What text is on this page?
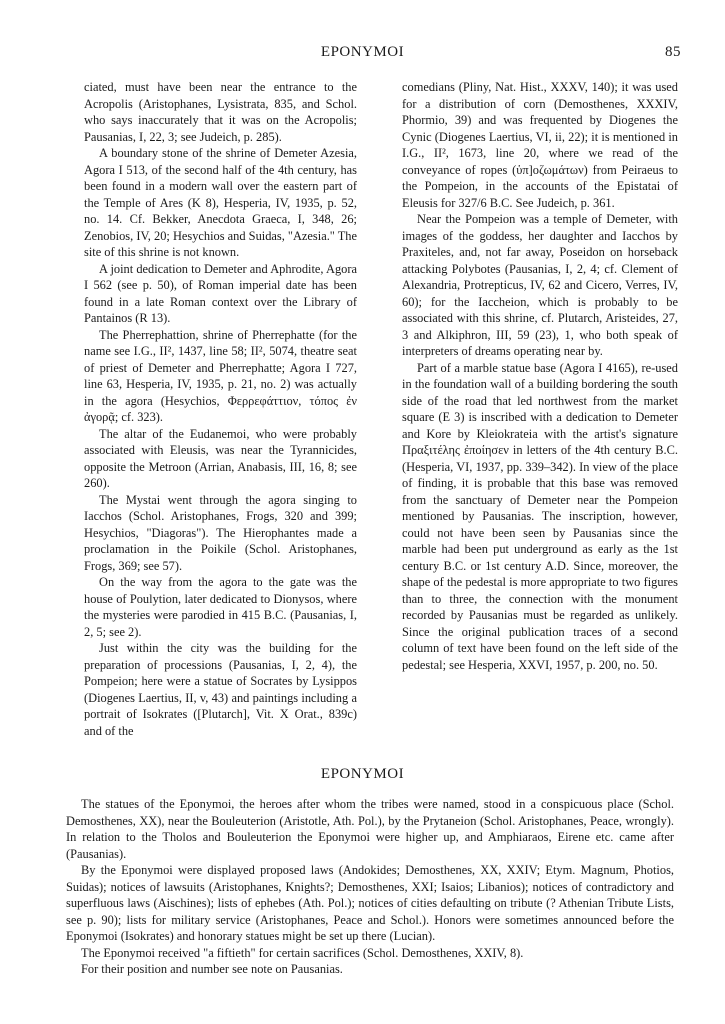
EPONYMOI	85

ciated, must have been near the entrance to the Acropolis (Aristophanes, Lysistrata, 835, and Schol. who says inaccurately that it was on the Acropolis; Pausanias, I, 22, 3; see Judeich, p. 285).

A boundary stone of the shrine of Demeter Azesia, Agora I 513, of the second half of the 4th century, has been found in a modern wall over the eastern part of the Temple of Ares (K 8), Hesperia, IV, 1935, p. 52, no. 14. Cf. Bekker, Anecdota Graeca, I, 348, 26; Zenobios, IV, 20; Hesychios and Suidas, "Azesia." The site of this shrine is not known.

A joint dedication to Demeter and Aphrodite, Agora I 562 (see p. 50), of Roman imperial date has been found in a late Roman context over the Library of Pantainos (R 13).

The Pherrephattion, shrine of Pherrephatte (for the name see I.G., II², 1437, line 58; II², 5074, theatre seat of priest of Demeter and Pherrephatte; Agora I 727, line 63, Hesperia, IV, 1935, p. 21, no. 2) was actually in the agora (Hesychios, Φερρεφάττιον, τόπος ἐν ἀγορᾷ; cf. 323).

The altar of the Eudanemoi, who were probably associated with Eleusis, was near the Tyrannicides, opposite the Metroon (Arrian, Anabasis, III, 16, 8; see 260).

The Mystai went through the agora singing to Iacchos (Schol. Aristophanes, Frogs, 320 and 399; Hesychios, "Diagoras"). The Hierophantes made a proclamation in the Poikile (Schol. Aristophanes, Frogs, 369; see 57).

On the way from the agora to the gate was the house of Poulytion, later dedicated to Dionysos, where the mysteries were parodied in 415 B.C. (Pausanias, I, 2, 5; see 2).

Just within the city was the building for the preparation of processions (Pausanias, I, 2, 4), the Pompeion; here were a statue of Socrates by Lysippos (Diogenes Laertius, II, v, 43) and paintings including a portrait of Isokrates ([Plutarch], Vit. X Orat., 839c) and of the

comedians (Pliny, Nat. Hist., XXXV, 140); it was used for a distribution of corn (Demosthenes, XXXIV, Phormio, 39) and was frequented by Diogenes the Cynic (Diogenes Laertius, VI, ii, 22); it is mentioned in I.G., II², 1673, line 20, where we read of the conveyance of ropes (ὑπ]οζωμάτων) from Peiraeus to the Pompeion, in the accounts of the Epistatai of Eleusis for 327/6 B.C. See Judeich, p. 361.

Near the Pompeion was a temple of Demeter, with images of the goddess, her daughter and Iacchos by Praxiteles, and, not far away, Poseidon on horseback attacking Polybotes (Pausanias, I, 2, 4; cf. Clement of Alexandria, Protrepticus, IV, 62 and Cicero, Verres, IV, 60); for the Iaccheion, which is probably to be associated with this shrine, cf. Plutarch, Aristeides, 27, 3 and Alkiphron, III, 59 (23), 1, who both speak of interpreters of dreams operating near by.

Part of a marble statue base (Agora I 4165), re-used in the foundation wall of a building bordering the south side of the road that led northwest from the market square (E 3) is inscribed with a dedication to Demeter and Kore by Kleiokrateia with the artist's signature Πραξιτέλης ἐποίησεν in letters of the 4th century B.C. (Hesperia, VI, 1937, pp. 339–342). In view of the place of finding, it is probable that this base was removed from the sanctuary of Demeter near the Pompeion mentioned by Pausanias. The inscription, however, could not have been seen by Pausanias since the marble had been put underground as early as the 1st century B.C. or 1st century A.D. Since, moreover, the shape of the pedestal is more appropriate to two figures than to three, the connection with the monument recorded by Pausanias must be regarded as unlikely. Since the original publication traces of a second column of text have been found on the left side of the pedestal; see Hesperia, XXVI, 1957, p. 200, no. 50.

EPONYMOI

The statues of the Eponymoi, the heroes after whom the tribes were named, stood in a conspicuous place (Schol. Demosthenes, XX), near the Bouleuterion (Aristotle, Ath. Pol.), by the Prytaneion (Schol. Aristophanes, Peace, wrongly). In relation to the Tholos and Bouleuterion the Eponymoi were higher up, and Amphiaraos, Eirene etc. came after (Pausanias).

By the Eponymoi were displayed proposed laws (Andokides; Demosthenes, XX, XXIV; Etym. Magnum, Photios, Suidas); notices of lawsuits (Aristophanes, Knights?; Demosthenes, XXI; Isaios; Libanios); notices of contradictory and superfluous laws (Aischines); lists of ephebes (Ath. Pol.); notices of cities defaulting on tribute (? Athenian Tribute Lists, see p. 90); lists for military service (Aristophanes, Peace and Schol.). Honors were sometimes announced before the Eponymoi (Isokrates) and honorary statues might be set up there (Lucian).

The Eponymoi received "a fiftieth" for certain sacrifices (Schol. Demosthenes, XXIV, 8).

For their position and number see note on Pausanias.
